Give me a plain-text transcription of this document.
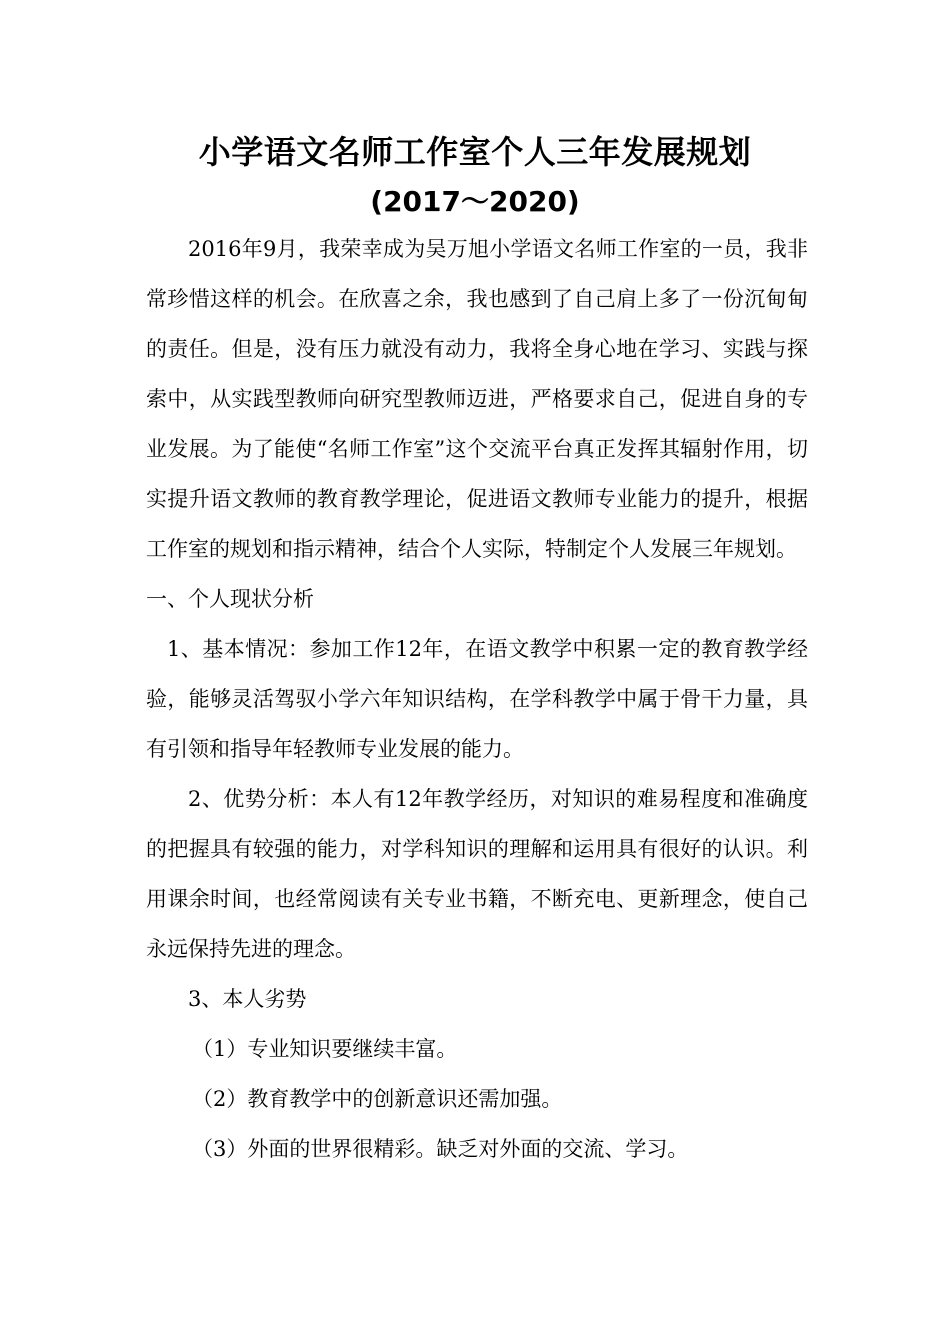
小学语文名师工作室个人三年发展规划
(2017～2020)

2016年9月，我荣幸成为吴万旭小学语文名师工作室的一员，我非常珍惜这样的机会。在欣喜之余，我也感到了自己肩上多了一份沉甸甸的责任。但是，没有压力就没有动力，我将全身心地在学习、实践与探索中，从实践型教师向研究型教师迈进，严格要求自己，促进自身的专业发展。为了能使“名师工作室”这个交流平台真正发挥其辐射作用，切实提升语文教师的教育教学理论，促进语文教师专业能力的提升，根据工作室的规划和指示精神，结合个人实际，特制定个人发展三年规划。

一、个人现状分析

1、基本情况：参加工作12年，在语文教学中积累一定的教育教学经验，能够灵活驾驭小学六年知识结构，在学科教学中属于骨干力量，具有引领和指导年轻教师专业发展的能力。

2、优势分析：本人有12年教学经历，对知识的难易程度和准确度的把握具有较强的能力，对学科知识的理解和运用具有很好的认识。利用课余时间，也经常阅读有关专业书籍，不断充电、更新理念，使自己永远保持先进的理念。

3、本人劣势

（1）专业知识要继续丰富。

（2）教育教学中的创新意识还需加强。

（3）外面的世界很精彩。缺乏对外面的交流、学习。
